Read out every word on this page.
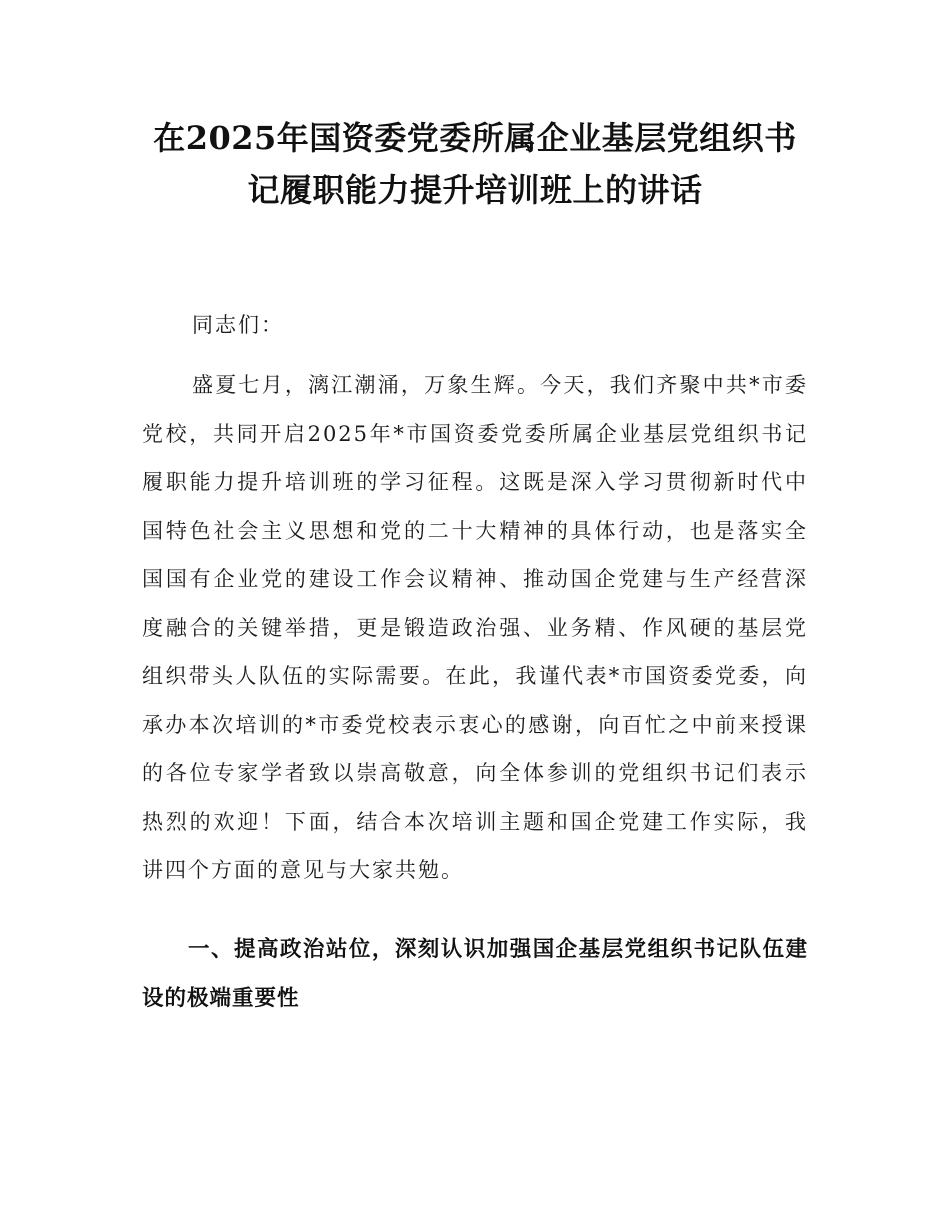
在2025年国资委党委所属企业基层党组织书
记履职能力提升培训班上的讲话

同志们：

盛夏七月，漓江潮涌，万象生辉。今天，我们齐聚中共*市委党校，共同开启2025年*市国资委党委所属企业基层党组织书记履职能力提升培训班的学习征程。这既是深入学习贯彻新时代中国特色社会主义思想和党的二十大精神的具体行动，也是落实全国国有企业党的建设工作会议精神、推动国企党建与生产经营深度融合的关键举措，更是锻造政治强、业务精、作风硬的基层党组织带头人队伍的实际需要。在此，我谨代表*市国资委党委，向承办本次培训的*市委党校表示衷心的感谢，向百忙之中前来授课的各位专家学者致以崇高敬意，向全体参训的党组织书记们表示热烈的欢迎！下面，结合本次培训主题和国企党建工作实际，我讲四个方面的意见与大家共勉。

一、提高政治站位，深刻认识加强国企基层党组织书记队伍建设的极端重要性
